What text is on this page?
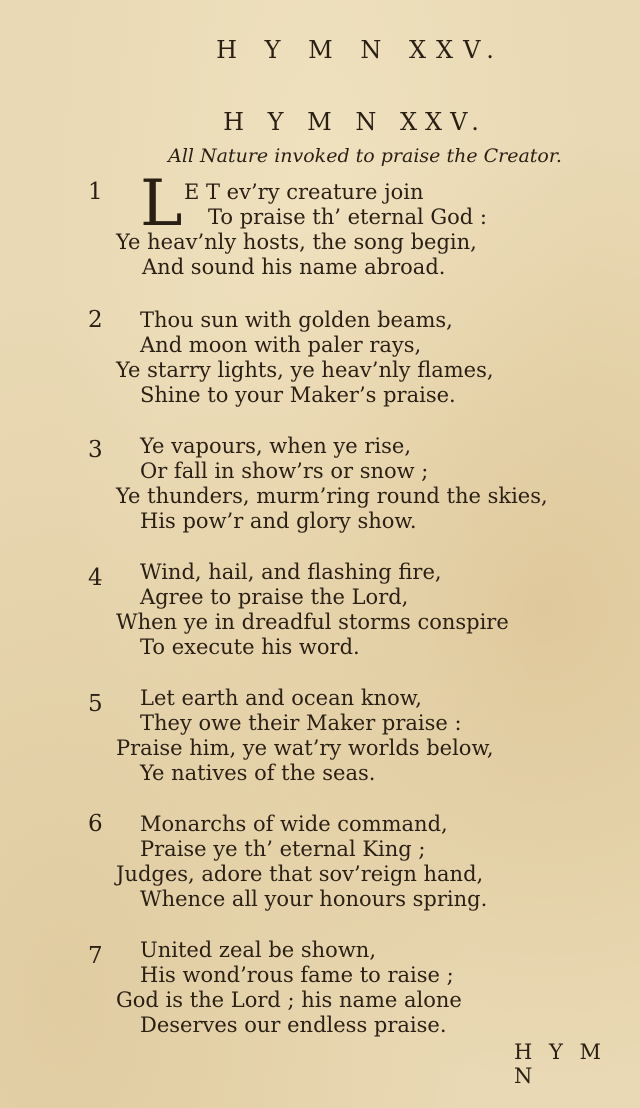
H Y M N XXV.
H Y M N XXV.
All Nature invoked to praise the Creator.
1 L E T ev’ry creature join
To praise th’ eternal God :
Ye heav’nly hosts, the song begin,
And sound his name abroad.
2 Thou sun with golden beams,
And moon with paler rays,
Ye starry lights, ye heav’nly flames,
Shine to your Maker’s praise.
3 Ye vapours, when ye rise,
Or fall in show’rs or snow ;
Ye thunders, murm’ring round the skies,
His pow’r and glory show.
4 Wind, hail, and flashing fire,
Agree to praise the Lord,
When ye in dreadful storms conspire
To execute his word.
5 Let earth and ocean know,
They owe their Maker praise :
Praise him, ye wat’ry worlds below,
Ye natives of the seas.
6 Monarchs of wide command,
Praise ye th’ eternal King ;
Judges, adore that sov’reign hand,
Whence all your honours spring.
7 United zeal be shown,
His wond’rous fame to raise ;
God is the Lord ; his name alone
Deserves our endless praise.
H Y M N
